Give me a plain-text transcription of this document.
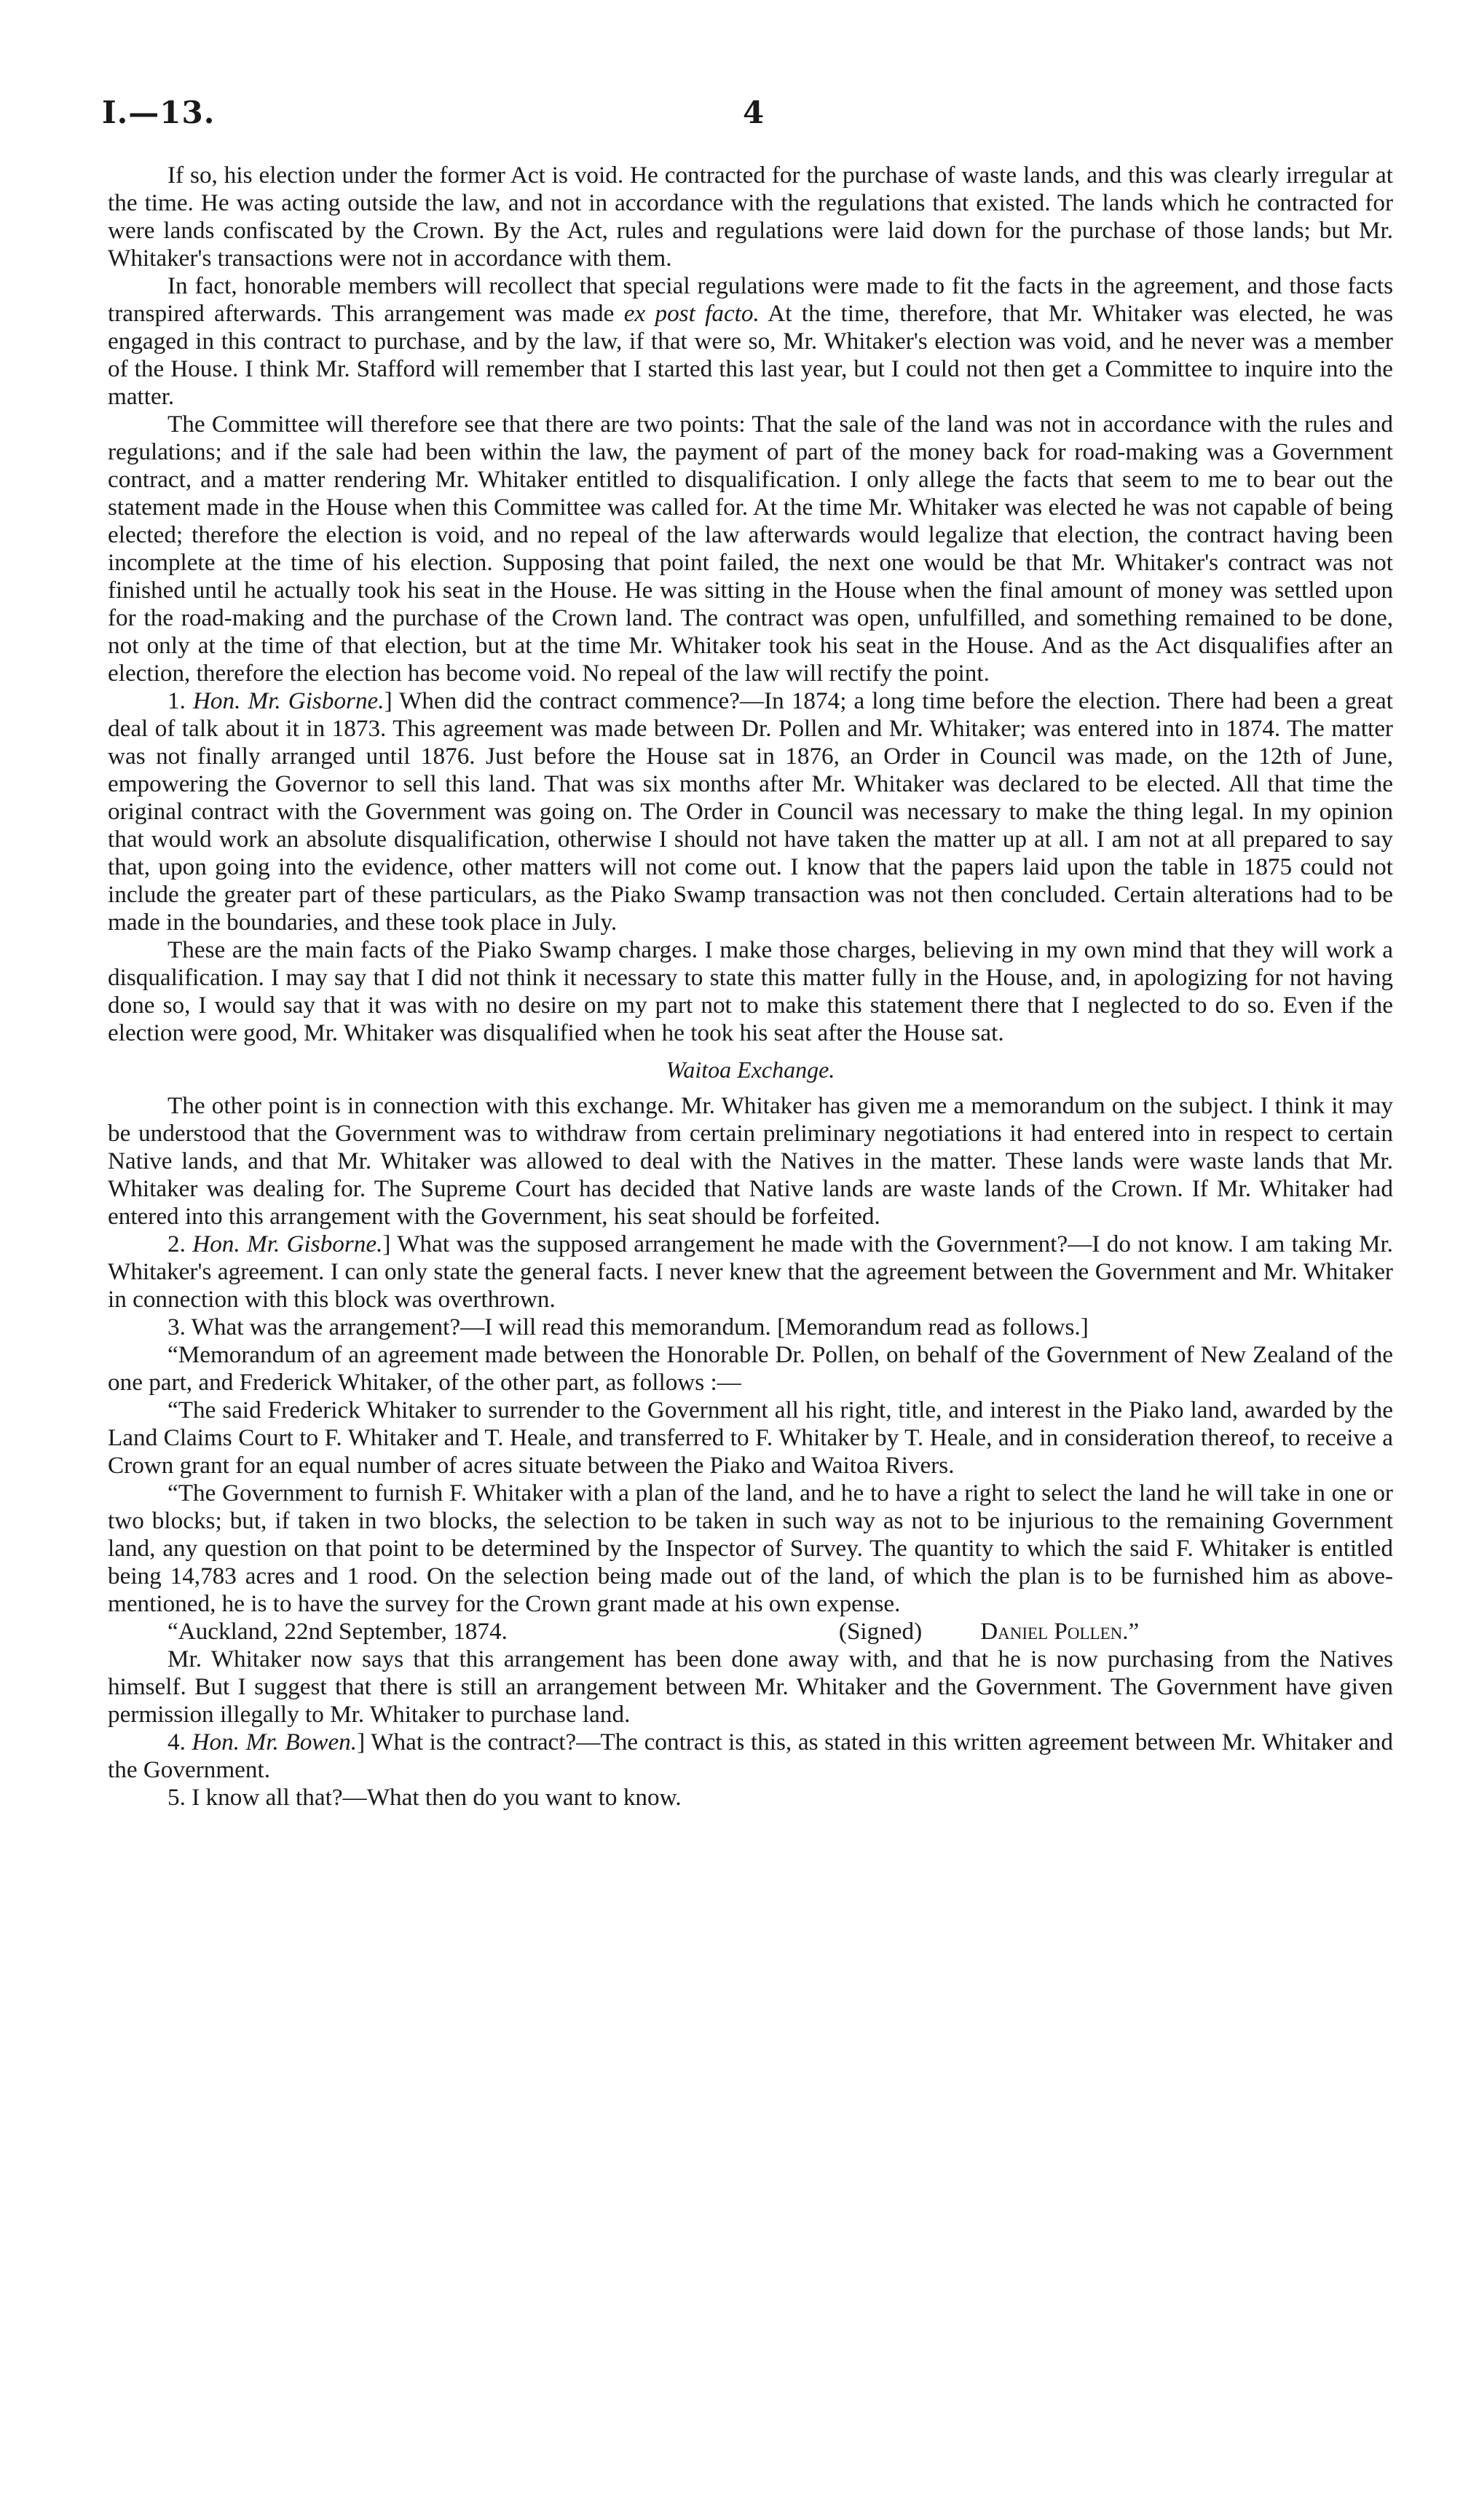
I.—13.	4

If so, his election under the former Act is void. He contracted for the purchase of waste lands, and this was clearly irregular at the time. He was acting outside the law, and not in accordance with the regulations that existed. The lands which he contracted for were lands confiscated by the Crown. By the Act, rules and regulations were laid down for the purchase of those lands; but Mr. Whitaker's transactions were not in accordance with them.

In fact, honorable members will recollect that special regulations were made to fit the facts in the agreement, and those facts transpired afterwards. This arrangement was made ex post facto. At the time, therefore, that Mr. Whitaker was elected, he was engaged in this contract to purchase, and by the law, if that were so, Mr. Whitaker's election was void, and he never was a member of the House. I think Mr. Stafford will remember that I started this last year, but I could not then get a Committee to inquire into the matter.

The Committee will therefore see that there are two points: That the sale of the land was not in accordance with the rules and regulations; and if the sale had been within the law, the payment of part of the money back for road-making was a Government contract, and a matter rendering Mr. Whitaker entitled to disqualification. I only allege the facts that seem to me to bear out the statement made in the House when this Committee was called for. At the time Mr. Whitaker was elected he was not capable of being elected; therefore the election is void, and no repeal of the law afterwards would legalize that election, the contract having been incomplete at the time of his election. Supposing that point failed, the next one would be that Mr. Whitaker's contract was not finished until he actually took his seat in the House. He was sitting in the House when the final amount of money was settled upon for the road-making and the purchase of the Crown land. The contract was open, unfulfilled, and something remained to be done, not only at the time of that election, but at the time Mr. Whitaker took his seat in the House. And as the Act disqualifies after an election, therefore the election has become void. No repeal of the law will rectify the point.

1. Hon. Mr. Gisborne.] When did the contract commence?—In 1874; a long time before the election. There had been a great deal of talk about it in 1873. This agreement was made between Dr. Pollen and Mr. Whitaker; was entered into in 1874. The matter was not finally arranged until 1876. Just before the House sat in 1876, an Order in Council was made, on the 12th of June, empowering the Governor to sell this land. That was six months after Mr. Whitaker was declared to be elected. All that time the original contract with the Government was going on. The Order in Council was necessary to make the thing legal. In my opinion that would work an absolute disqualification, otherwise I should not have taken the matter up at all. I am not at all prepared to say that, upon going into the evidence, other matters will not come out. I know that the papers laid upon the table in 1875 could not include the greater part of these particulars, as the Piako Swamp transaction was not then concluded. Certain alterations had to be made in the boundaries, and these took place in July.

These are the main facts of the Piako Swamp charges. I make those charges, believing in my own mind that they will work a disqualification. I may say that I did not think it necessary to state this matter fully in the House, and, in apologizing for not having done so, I would say that it was with no desire on my part not to make this statement there that I neglected to do so. Even if the election were good, Mr. Whitaker was disqualified when he took his seat after the House sat.

Waitoa Exchange.

The other point is in connection with this exchange. Mr. Whitaker has given me a memorandum on the subject. I think it may be understood that the Government was to withdraw from certain preliminary negotiations it had entered into in respect to certain Native lands, and that Mr. Whitaker was allowed to deal with the Natives in the matter. These lands were waste lands that Mr. Whitaker was dealing for. The Supreme Court has decided that Native lands are waste lands of the Crown. If Mr. Whitaker had entered into this arrangement with the Government, his seat should be forfeited.

2. Hon. Mr. Gisborne.] What was the supposed arrangement he made with the Government?—I do not know. I am taking Mr. Whitaker's agreement. I can only state the general facts. I never knew that the agreement between the Government and Mr. Whitaker in connection with this block was overthrown.

3. What was the arrangement?—I will read this memorandum. [Memorandum read as follows.]

“Memorandum of an agreement made between the Honorable Dr. Pollen, on behalf of the Government of New Zealand of the one part, and Frederick Whitaker, of the other part, as follows :—

“The said Frederick Whitaker to surrender to the Government all his right, title, and interest in the Piako land, awarded by the Land Claims Court to F. Whitaker and T. Heale, and transferred to F. Whitaker by T. Heale, and in consideration thereof, to receive a Crown grant for an equal number of acres situate between the Piako and Waitoa Rivers.

“The Government to furnish F. Whitaker with a plan of the land, and he to have a right to select the land he will take in one or two blocks; but, if taken in two blocks, the selection to be taken in such way as not to be injurious to the remaining Government land, any question on that point to be determined by the Inspector of Survey. The quantity to which the said F. Whitaker is entitled being 14,783 acres and 1 rood. On the selection being made out of the land, of which the plan is to be furnished him as above-mentioned, he is to have the survey for the Crown grant made at his own expense.

“Auckland, 22nd September, 1874.	(Signed) Daniel Pollen.”

Mr. Whitaker now says that this arrangement has been done away with, and that he is now purchasing from the Natives himself. But I suggest that there is still an arrangement between Mr. Whitaker and the Government. The Government have given permission illegally to Mr. Whitaker to purchase land.

4. Hon. Mr. Bowen.] What is the contract?—The contract is this, as stated in this written agreement between Mr. Whitaker and the Government.

5. I know all that?—What then do you want to know.
